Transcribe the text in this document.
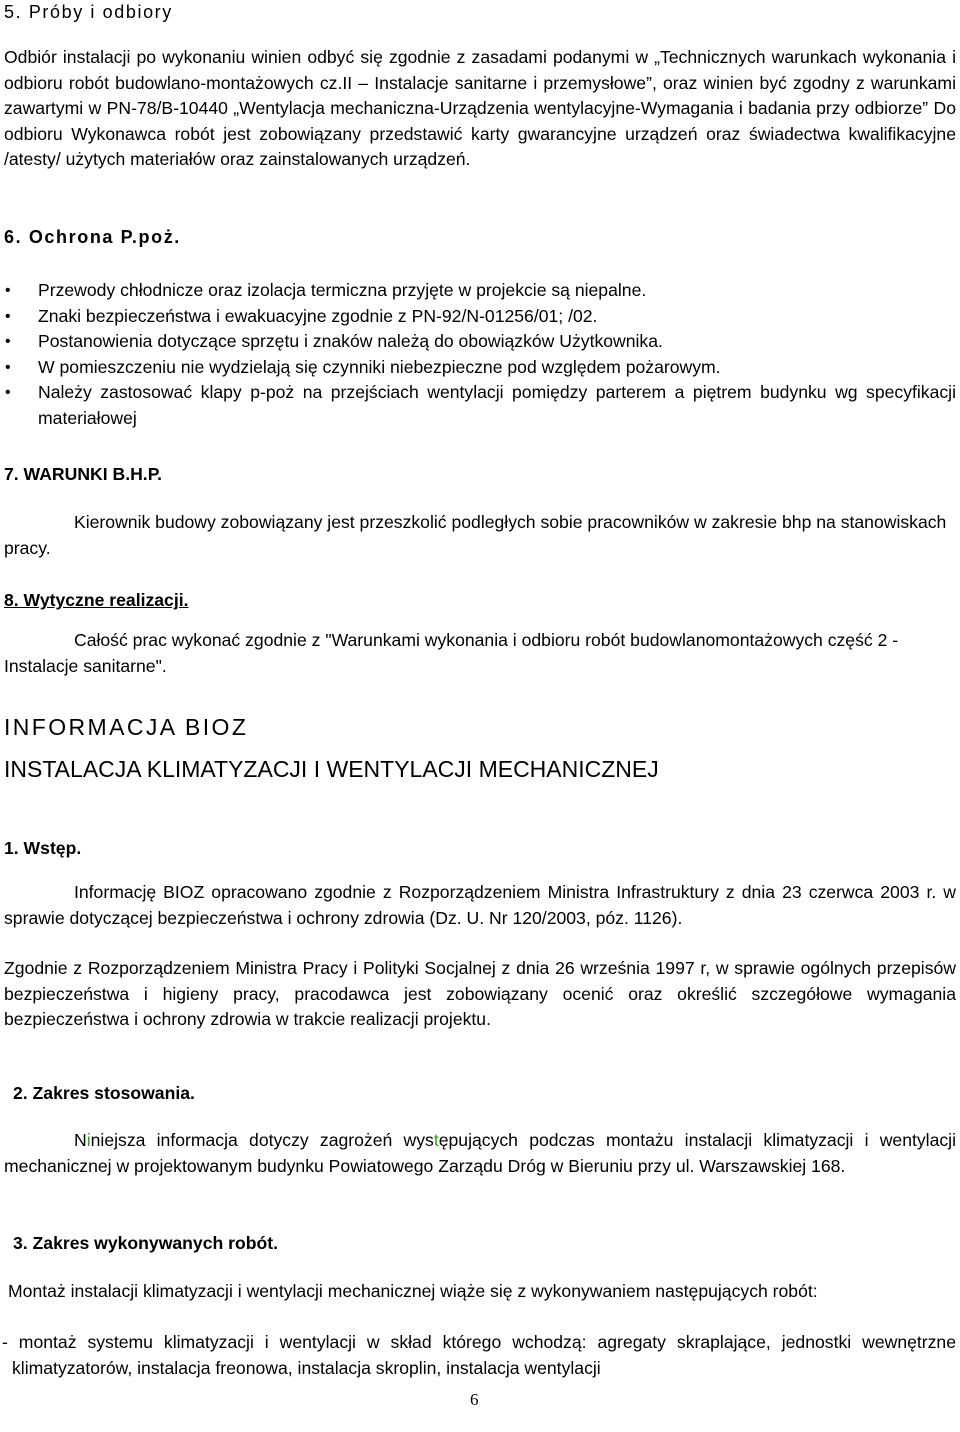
5. Próby i odbiory

Odbiór instalacji po wykonaniu winien odbyć się zgodnie z zasadami podanymi w „Technicznych warunkach wykonania i odbioru robót budowlano-montażowych cz.II – Instalacje sanitarne i przemysłowe”, oraz winien być zgodny z warunkami zawartymi w PN-78/B-10440 „Wentylacja mechaniczna-Urządzenia wentylacyjne-Wymagania i badania przy odbiorze” Do odbioru Wykonawca robót jest zobowiązany przedstawić karty gwarancyjne urządzeń oraz świadectwa kwalifikacyjne /atesty/ użytych materiałów oraz zainstalowanych urządzeń.

6. Ochrona P.poż.
• Przewody chłodnicze oraz izolacja termiczna przyjęte w projekcie są niepalne.
• Znaki bezpieczeństwa i ewakuacyjne zgodnie z PN-92/N-01256/01; /02.
• Postanowienia dotyczące sprzętu i znaków należą do obowiązków Użytkownika.
• W pomieszczeniu nie wydzielają się czynniki niebezpieczne pod względem pożarowym.
• Należy zastosować klapy p-poż na przejściach wentylacji pomiędzy parterem a piętrem budynku wg specyfikacji materiałowej
7. WARUNKI B.H.P.

Kierownik budowy zobowiązany jest przeszkolić podległych sobie pracowników w zakresie bhp na stanowiskach pracy.

8. Wytyczne realizacji.

Całość prac wykonać zgodnie z "Warunkami wykonania i odbioru robót budowlanomontażowych część 2 - Instalacje sanitarne".

INFORMACJA BIOZ
INSTALACJA KLIMATYZACJI I WENTYLACJI MECHANICZNEJ
1. Wstęp.

Informację BIOZ opracowano zgodnie z Rozporządzeniem Ministra Infrastruktury z dnia 23 czerwca 2003 r. w sprawie dotyczącej bezpieczeństwa i ochrony zdrowia (Dz. U. Nr 120/2003, póz. 1126).

Zgodnie z Rozporządzeniem Ministra Pracy i Polityki Socjalnej z dnia 26 września 1997 r, w sprawie ogólnych przepisów bezpieczeństwa i higieny pracy, pracodawca jest zobowiązany ocenić oraz określić szczegółowe wymagania bezpieczeństwa i ochrony zdrowia w trakcie realizacji projektu.

2. Zakres stosowania.

Niniejsza informacja dotyczy zagrożeń występujących podczas montażu instalacji klimatyzacji i wentylacji mechanicznej w projektowanym budynku Powiatowego Zarządu Dróg w Bieruniu przy ul. Warszawskiej 168.

3. Zakres wykonywanych robót.

Montaż instalacji klimatyzacji i wentylacji mechanicznej wiąże się z wykonywaniem następujących robót:

- montaż systemu klimatyzacji i wentylacji w skład którego wchodzą: agregaty skraplające, jednostki wewnętrzne klimatyzatorów, instalacja freonowa, instalacja skroplin, instalacja wentylacji

6
